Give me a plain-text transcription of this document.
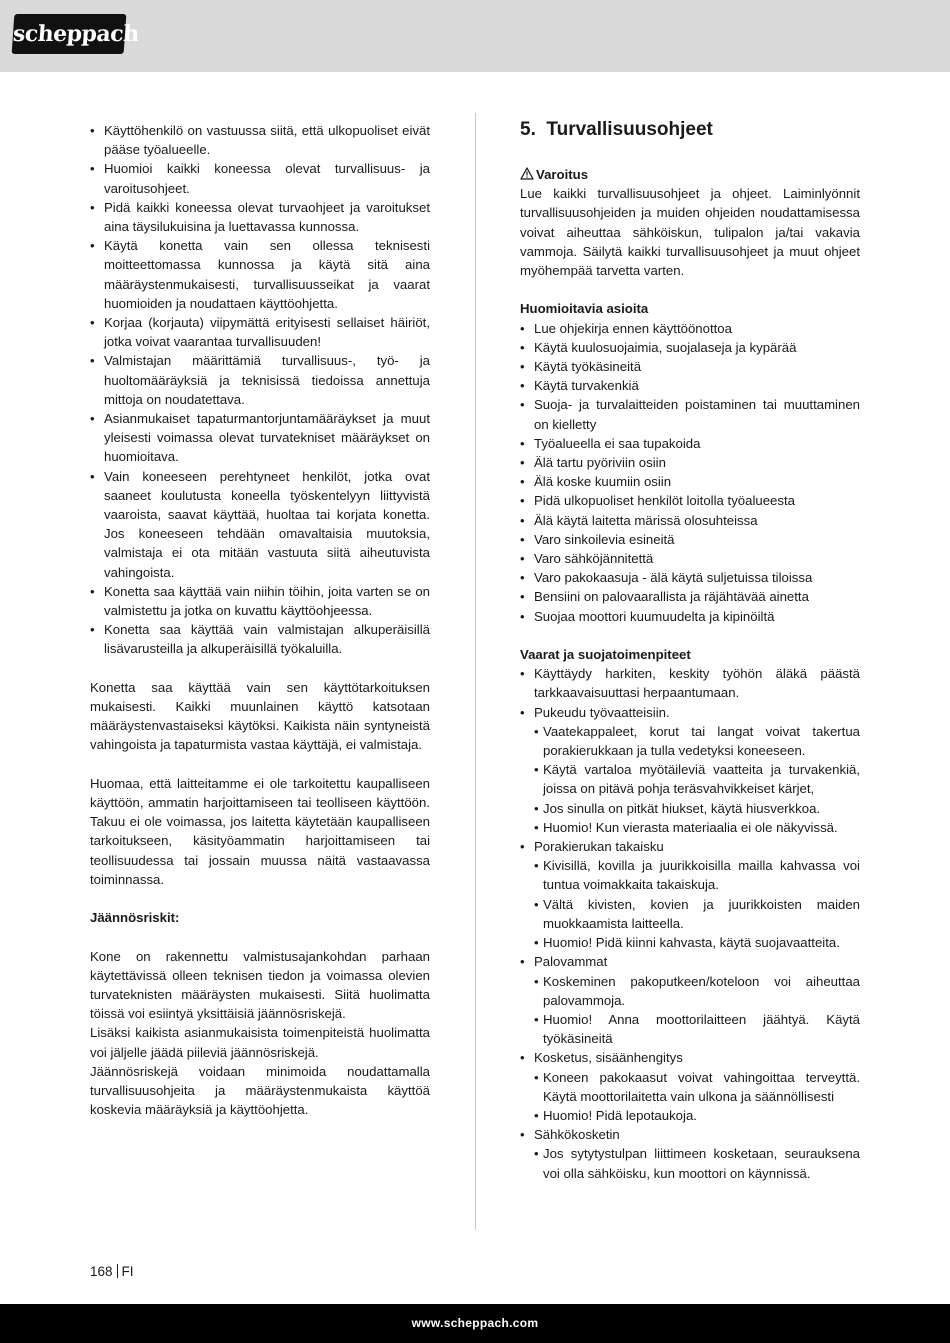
scheppach
• Käyttöhenkilö on vastuussa siitä, että ulkopuoliset eivät pääse työalueelle.
• Huomioi kaikki koneessa olevat turvallisuus- ja varoitusohjeet.
• Pidä kaikki koneessa olevat turvaohjeet ja varoitukset aina täysilukuisina ja luettavassa kunnossa.
• Käytä konetta vain sen ollessa teknisesti moitteettomassa kunnossa ja käytä sitä aina määräystenmukaisesti, turvallisuusseikat ja vaarat huomioiden ja noudattaen käyttöohjetta.
• Korjaa (korjauta) viipymättä erityisesti sellaiset häiriöt, jotka voivat vaarantaa turvallisuuden!
• Valmistajan määrittämiä turvallisuus-, työ- ja huoltomääräyksiä ja teknisissä tiedoissa annettuja mittoja on noudatettava.
• Asianmukaiset tapaturmantorjuntamääräykset ja muut yleisesti voimassa olevat turvatekniset määräykset on huomioitava.
• Vain koneeseen perehtyneet henkilöt, jotka ovat saaneet koulutusta koneella työskentelyyn liittyvistä vaaroista, saavat käyttää, huoltaa tai korjata konetta. Jos koneeseen tehdään omavaltaisia muutoksia, valmistaja ei ota mitään vastuuta siitä aiheutuvista vahingoista.
• Konetta saa käyttää vain niihin töihin, joita varten se on valmistettu ja jotka on kuvattu käyttöohjeessa.
• Konetta saa käyttää vain valmistajan alkuperäisillä lisävarusteilla ja alkuperäisillä työkaluilla.

Konetta saa käyttää vain sen käyttötarkoituksen mukaisesti. Kaikki muunlainen käyttö katsotaan määräystenvastaiseksi käytöksi. Kaikista näin syntyneistä vahingoista ja tapaturmista vastaa käyttäjä, ei valmistaja.

Huomaa, että laitteitamme ei ole tarkoitettu kaupalliseen käyttöön, ammatin harjoittamiseen tai teolliseen käyttöön. Takuu ei ole voimassa, jos laitetta käytetään kaupalliseen tarkoitukseen, käsityöammatin harjoittamiseen tai teollisuudessa tai jossain muussa näitä vastaavassa toiminnassa.

Jäännösriskit:

Kone on rakennettu valmistusajankohdan parhaan käytettävissä olleen teknisen tiedon ja voimassa olevien turvateknisten määräysten mukaisesti. Siitä huolimatta töissä voi esiintyä yksittäisiä jäännösriskejä.

Lisäksi kaikista asianmukaisista toimenpiteistä huolimatta voi jäljelle jäädä piileviä jäännösriskejä.

Jäännösriskejä voidaan minimoida noudattamalla turvallisuusohjeita ja määräystenmukaista käyttöä koskevia määräyksiä ja käyttöohjetta.

5. Turvallisuusohjeet
Varoitus

Lue kaikki turvallisuusohjeet ja ohjeet. Laiminlyönnit turvallisuusohjeiden ja muiden ohjeiden noudattamisessa voivat aiheuttaa sähköiskun, tulipalon ja/tai vakavia vammoja. Säilytä kaikki turvallisuusohjeet ja muut ohjeet myöhempää tarvetta varten.

Huomioitavia asioita

• Lue ohjekirja ennen käyttöönottoa
• Käytä kuulosuojaimia, suojalaseja ja kypärää
• Käytä työkäsineitä
• Käytä turvakenkiä
• Suoja- ja turvalaitteiden poistaminen tai muuttaminen on kielletty
• Työalueella ei saa tupakoida
• Älä tartu pyöriviin osiin
• Älä koske kuumiin osiin
• Pidä ulkopuoliset henkilöt loitolla työalueesta
• Älä käytä laitetta märissä olosuhteissa
• Varo sinkoilevia esineitä
• Varo sähköjännitettä
• Varo pakokaasuja - älä käytä suljetuissa tiloissa
• Bensiini on palovaarallista ja räjähtävää ainetta
• Suojaa moottori kuumuudelta ja kipinöiltä

Vaarat ja suojatoimenpiteet

• Käyttäydy harkiten, keskity työhön äläkä päästä tarkkaavaisuuttasi herpaantumaan.
• Pukeudu työvaatteisiin.
• Vaatekappaleet, korut tai langat voivat takertua porakierukkaan ja tulla vedetyksi koneeseen.
• Käytä vartaloa myötäileviä vaatteita ja turvakenkiä, joissa on pitävä pohja teräsvahvikkeiset kärjet,
• Jos sinulla on pitkät hiukset, käytä hiusverkkoa.
• Huomio! Kun vierasta materiaalia ei ole näkyvissä.
• Porakierukan takaisku
• Kivisillä, kovilla ja juurikkoisilla mailla kahvassa voi tuntua voimakkaita takaiskuja.
• Vältä kivisten, kovien ja juurikkoisten maiden muokkaamista laitteella.
• Huomio! Pidä kiinni kahvasta, käytä suojavaatteita.
• Palovammat
• Koskeminen pakoputkeen/koteloon voi aiheuttaa palovammoja.
• Huomio! Anna moottorilaitteen jäähtyä. Käytä työkäsineitä
• Kosketus, sisäänhengitys
• Koneen pakokaasut voivat vahingoittaa terveyttä. Käytä moottorilaitetta vain ulkona ja säännöllisesti
• Huomio! Pidä lepotaukoja.
• Sähkökosketin
• Jos sytytystulpan liittimeen kosketaan, seurauksena voi olla sähköisku, kun moottori on käynnissä.
168 FI
www.scheppach.com
